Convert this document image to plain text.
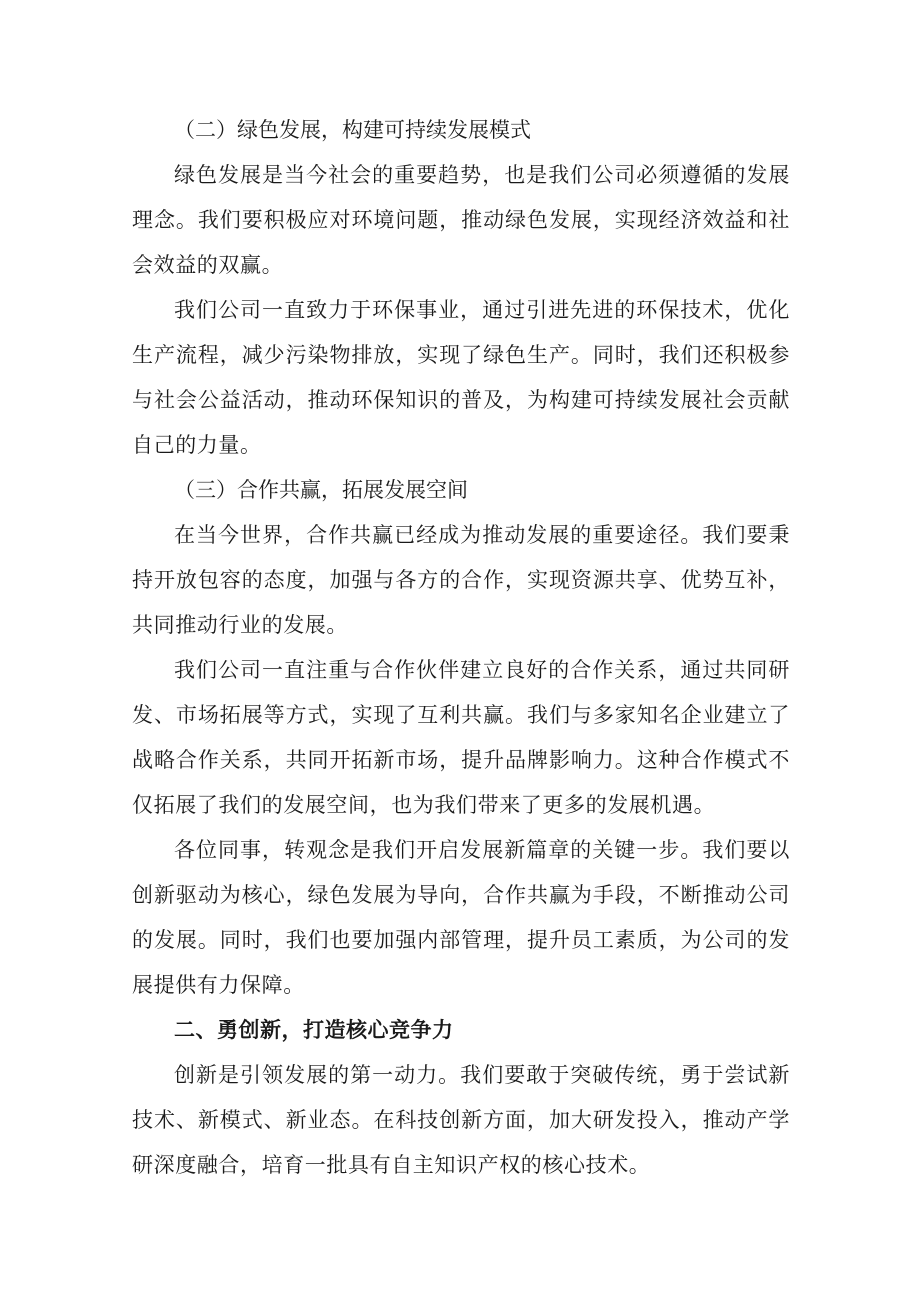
（二）绿色发展，构建可持续发展模式

绿色发展是当今社会的重要趋势，也是我们公司必须遵循的发展理念。我们要积极应对环境问题，推动绿色发展，实现经济效益和社会效益的双赢。

我们公司一直致力于环保事业，通过引进先进的环保技术，优化生产流程，减少污染物排放，实现了绿色生产。同时，我们还积极参与社会公益活动，推动环保知识的普及，为构建可持续发展社会贡献自己的力量。

（三）合作共赢，拓展发展空间

在当今世界，合作共赢已经成为推动发展的重要途径。我们要秉持开放包容的态度，加强与各方的合作，实现资源共享、优势互补，共同推动行业的发展。

我们公司一直注重与合作伙伴建立良好的合作关系，通过共同研发、市场拓展等方式，实现了互利共赢。我们与多家知名企业建立了战略合作关系，共同开拓新市场，提升品牌影响力。这种合作模式不仅拓展了我们的发展空间，也为我们带来了更多的发展机遇。

各位同事，转观念是我们开启发展新篇章的关键一步。我们要以创新驱动为核心，绿色发展为导向，合作共赢为手段，不断推动公司的发展。同时，我们也要加强内部管理，提升员工素质，为公司的发展提供有力保障。

二、勇创新，打造核心竞争力

创新是引领发展的第一动力。我们要敢于突破传统，勇于尝试新技术、新模式、新业态。在科技创新方面，加大研发投入，推动产学研深度融合，培育一批具有自主知识产权的核心技术。
